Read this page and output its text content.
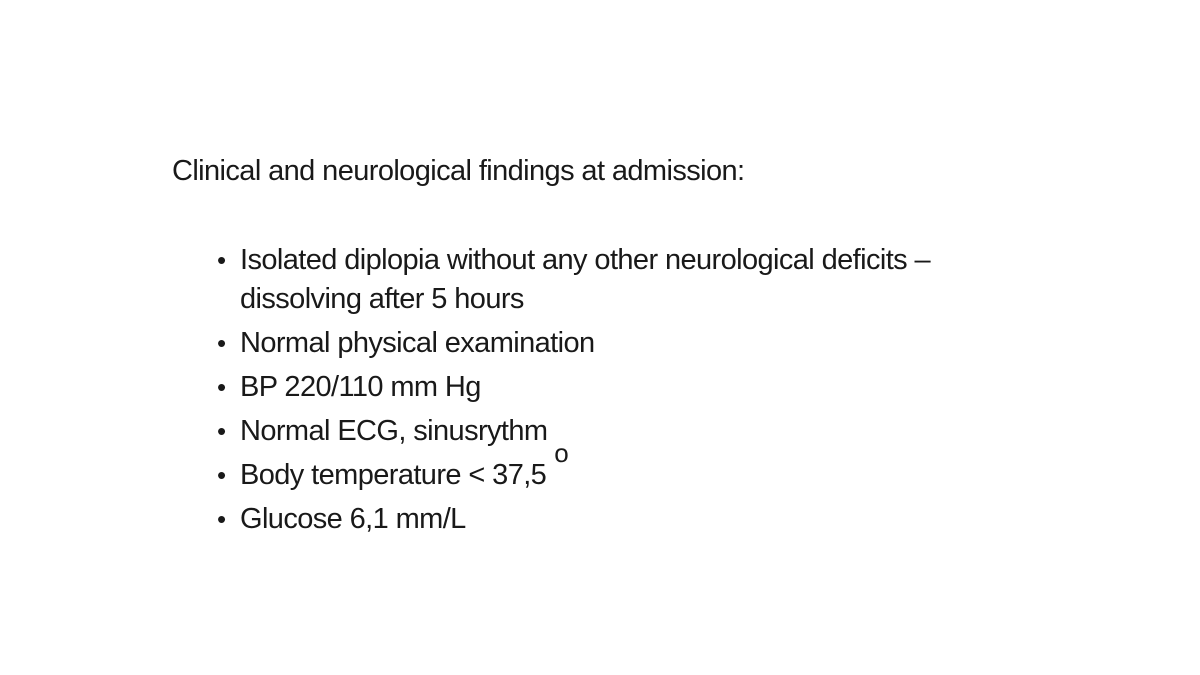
Clinical and neurological findings at admission:
• Isolated diplopia without any other neurological deficits –
dissolving after 5 hours
• Normal physical examination
• BP 220/110 mm Hg
• Normal ECG, sinusrythm
• Body temperature < 37,5o
• Glucose 6,1 mm/L
